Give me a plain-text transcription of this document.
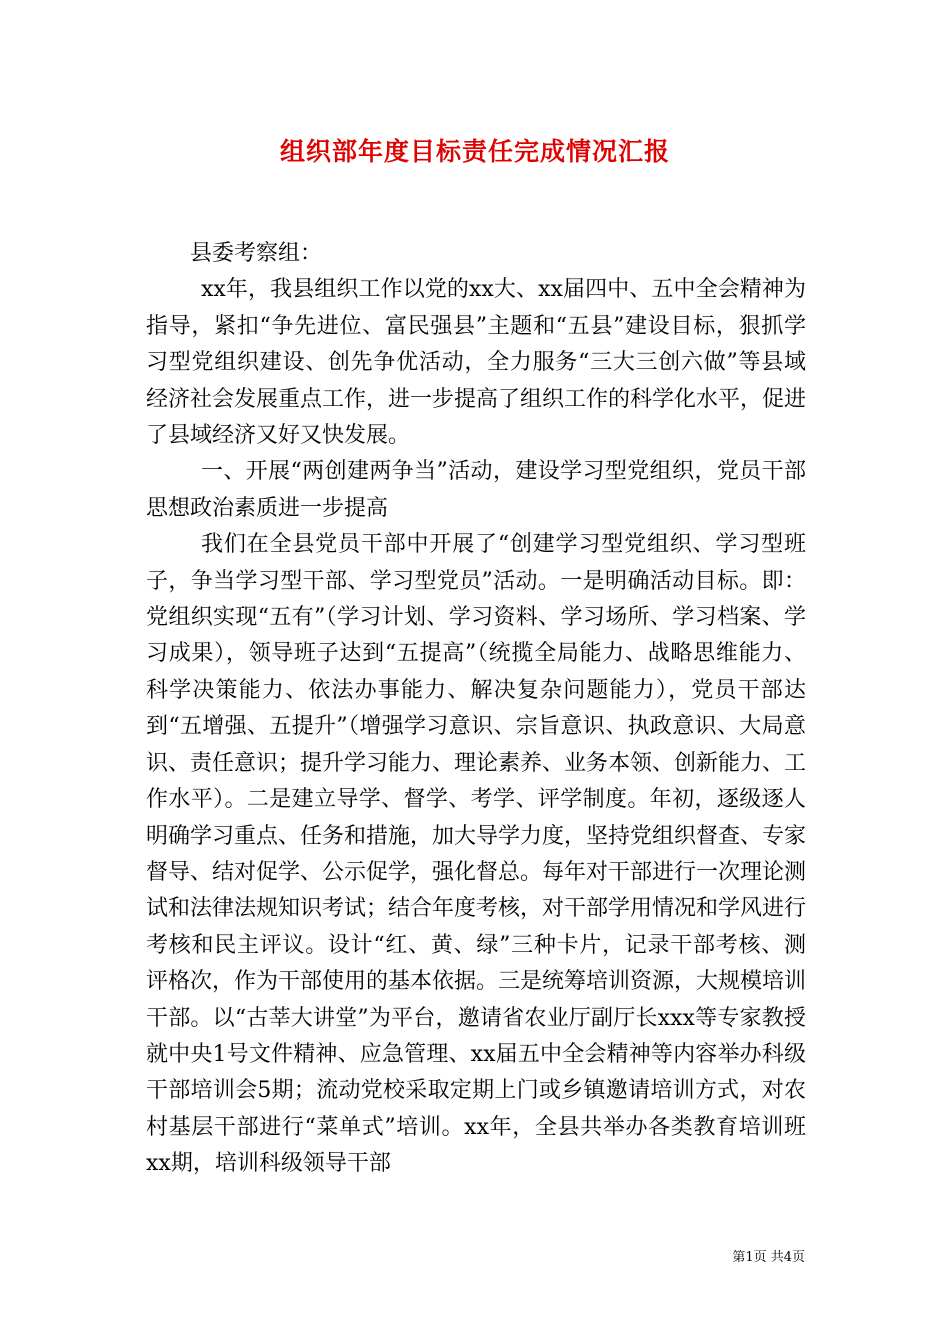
组织部年度目标责任完成情况汇报

县委考察组：

xx年，我县组织工作以党的xx大、xx届四中、五中全会精神为指导，紧扣“争先进位、富民强县”主题和“五县”建设目标，狠抓学习型党组织建设、创先争优活动，全力服务“三大三创六做”等县域经济社会发展重点工作，进一步提高了组织工作的科学化水平，促进了县域经济又好又快发展。

一、开展“两创建两争当”活动，建设学习型党组织，党员干部思想政治素质进一步提高

我们在全县党员干部中开展了“创建学习型党组织、学习型班子，争当学习型干部、学习型党员”活动。一是明确活动目标。即：党组织实现“五有”（学习计划、学习资料、学习场所、学习档案、学习成果），领导班子达到“五提高”（统揽全局能力、战略思维能力、科学决策能力、依法办事能力、解决复杂问题能力），党员干部达到“五增强、五提升”（增强学习意识、宗旨意识、执政意识、大局意识、责任意识；提升学习能力、理论素养、业务本领、创新能力、工作水平）。二是建立导学、督学、考学、评学制度。年初，逐级逐人明确学习重点、任务和措施，加大导学力度，坚持党组织督查、专家督导、结对促学、公示促学，强化督总。每年对干部进行一次理论测试和法律法规知识考试；结合年度考核，对干部学用情况和学风进行考核和民主评议。设计“红、黄、绿”三种卡片，记录干部考核、测评格次，作为干部使用的基本依据。三是统筹培训资源，大规模培训干部。以“古莘大讲堂”为平台，邀请省农业厅副厅长xxx等专家教授就中央1号文件精神、应急管理、xx届五中全会精神等内容举办科级干部培训会5期；流动党校采取定期上门或乡镇邀请培训方式，对农村基层干部进行“菜单式”培训。xx年，全县共举办各类教育培训班xx期，培训科级领导干部

第1页 共4页
